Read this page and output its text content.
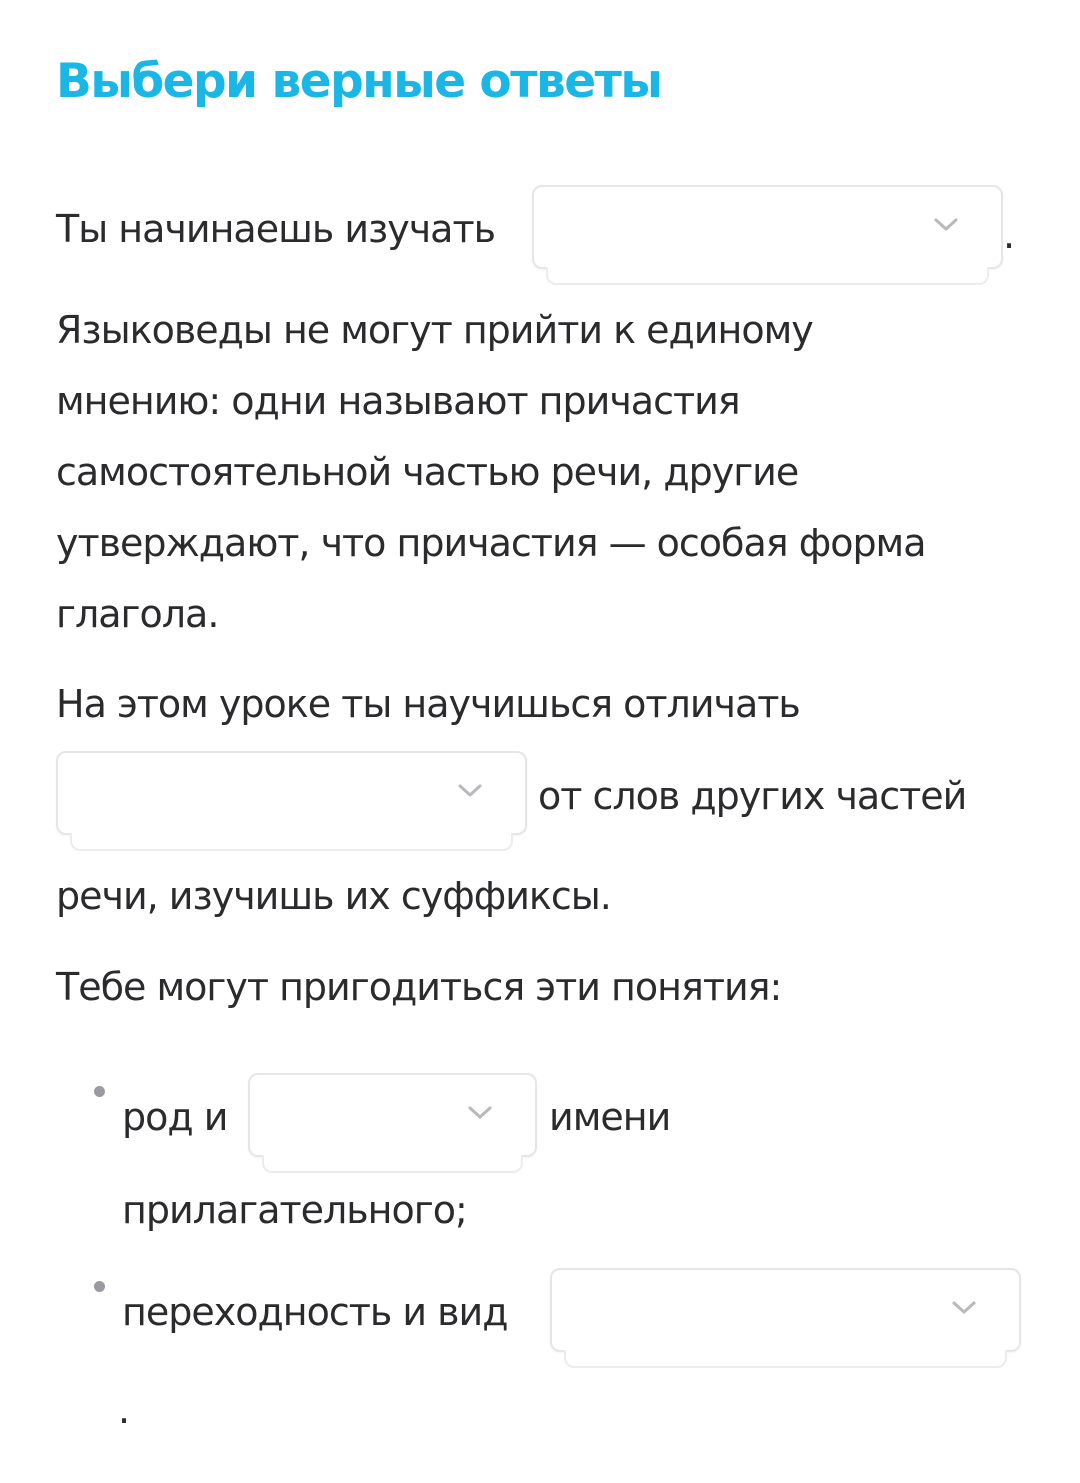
Выбери верные ответы
Ты начинаешь изучать	.
Языковеды не могут прийти к единому
мнению: одни называют причастия
самостоятельной частью речи, другие
утверждают, что причастия — особая форма
глагола.
На этом уроке ты научишься отличать
от слов других частей
речи, изучишь их суффиксы.
Тебе могут пригодиться эти понятия:
род и	имени
прилагательного;
переходность и вид
.
